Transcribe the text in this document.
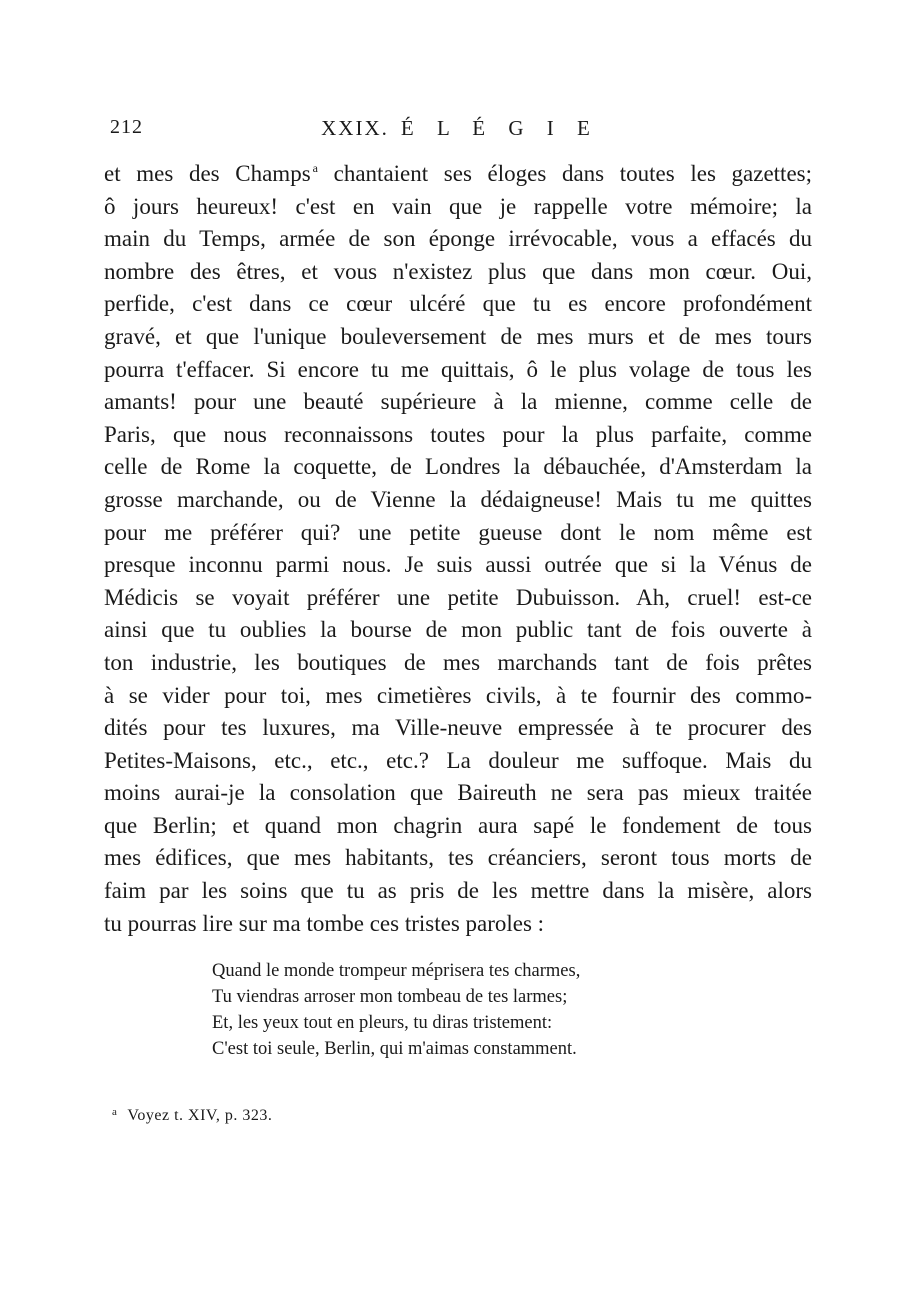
212	XXIX. É L É G I E
et mes des Champs $^a$ chantaient ses éloges dans toutes les gazettes;
ô jours heureux! c'est en vain que je rappelle votre mémoire; la
main du Temps, armée de son éponge irrévocable, vous a effacés du
nombre des êtres, et vous n'existez plus que dans mon cœur. Oui,
perfide, c'est dans ce cœur ulcéré que tu es encore profondément
gravé, et que l'unique bouleversement de mes murs et de mes tours
pourra t'effacer. Si encore tu me quittais, ô le plus volage de tous les
amants! pour une beauté supérieure à la mienne, comme celle de
Paris, que nous reconnaissons toutes pour la plus parfaite, comme
celle de Rome la coquette, de Londres la débauchée, d'Amsterdam la
grosse marchande, ou de Vienne la dédaigneuse! Mais tu me quittes
pour me préférer qui? une petite gueuse dont le nom même est
presque inconnu parmi nous. Je suis aussi outrée que si la Vénus de
Médicis se voyait préférer une petite Dubuisson. Ah, cruel! est-ce
ainsi que tu oublies la bourse de mon public tant de fois ouverte à
ton industrie, les boutiques de mes marchands tant de fois prêtes
à se vider pour toi, mes cimetières civils, à te fournir des commo-
dités pour tes luxures, ma Ville-neuve empressée à te procurer des
Petites-Maisons, etc., etc., etc.? La douleur me suffoque. Mais du
moins aurai-je la consolation que Baireuth ne sera pas mieux traitée
que Berlin; et quand mon chagrin aura sapé le fondement de tous
mes édifices, que mes habitants, tes créanciers, seront tous morts de
faim par les soins que tu as pris de les mettre dans la misère, alors
tu pourras lire sur ma tombe ces tristes paroles :
Quand le monde trompeur méprisera tes charmes,
Tu viendras arroser mon tombeau de tes larmes;
Et, les yeux tout en pleurs, tu diras tristement:
C'est toi seule, Berlin, qui m'aimas constamment.
$^a$ Voyez t. XIV, p. 323.
